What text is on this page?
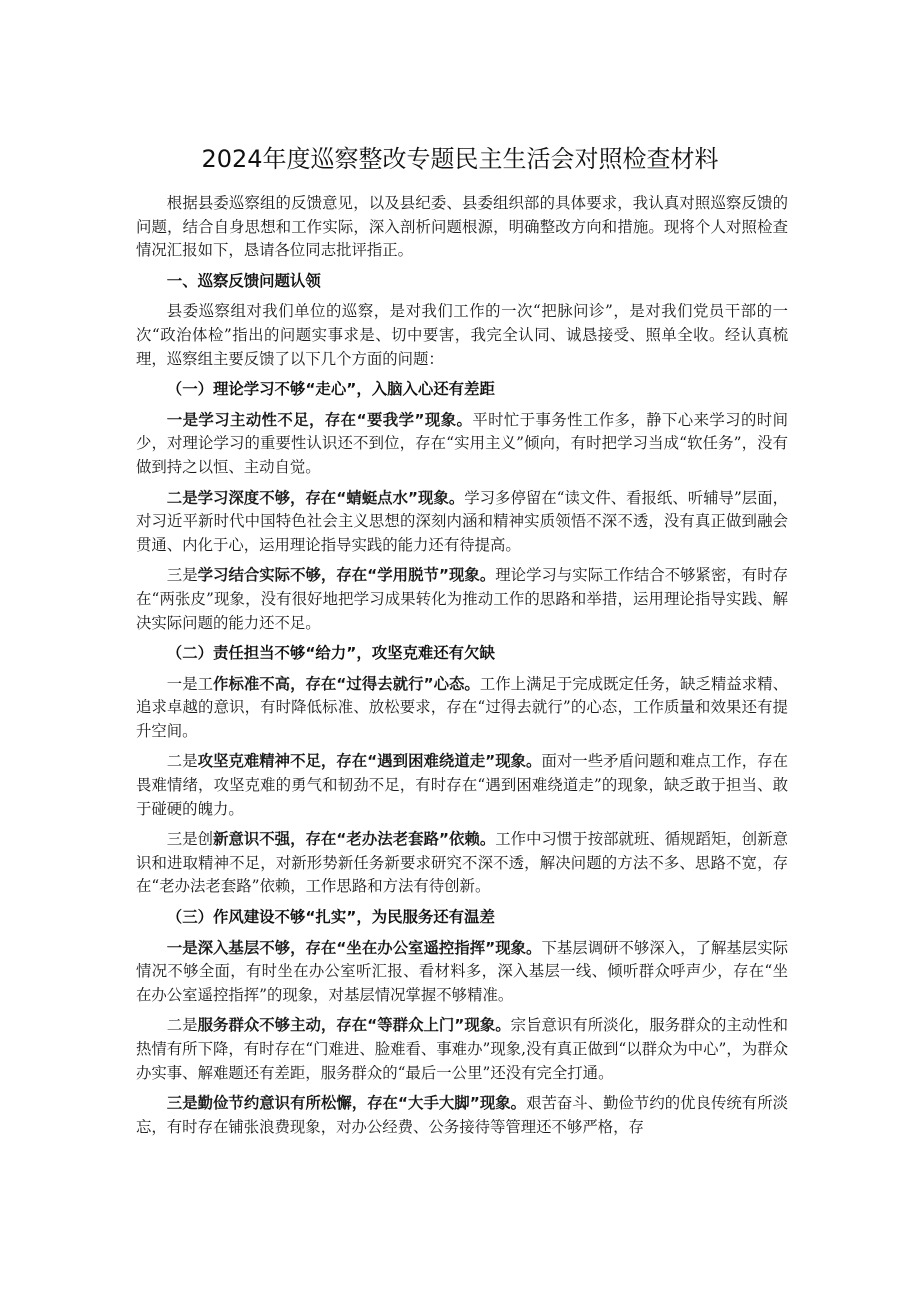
2024年度巡察整改专题民主生活会对照检查材料

根据县委巡察组的反馈意见，以及县纪委、县委组织部的具体要求，我认真对照巡察反馈的问题，结合自身思想和工作实际，深入剖析问题根源，明确整改方向和措施。现将个人对照检查情况汇报如下，恳请各位同志批评指正。

一、巡察反馈问题认领

县委巡察组对我们单位的巡察，是对我们工作的一次“把脉问诊”，是对我们党员干部的一次“政治体检”指出的问题实事求是、切中要害，我完全认同、诚恳接受、照单全收。经认真梳理，巡察组主要反馈了以下几个方面的问题：

（一）理论学习不够“走心”，入脑入心还有差距

一是学习主动性不足，存在“要我学”现象。平时忙于事务性工作多，静下心来学习的时间少，对理论学习的重要性认识还不到位，存在“实用主义”倾向，有时把学习当成“软任务”，没有做到持之以恒、主动自觉。

二是学习深度不够，存在“蜻蜓点水”现象。学习多停留在“读文件、看报纸、听辅导”层面，对习近平新时代中国特色社会主义思想的深刻内涵和精神实质领悟不深不透，没有真正做到融会贯通、内化于心，运用理论指导实践的能力还有待提高。

三是学习结合实际不够，存在“学用脱节”现象。理论学习与实际工作结合不够紧密，有时存在“两张皮”现象，没有很好地把学习成果转化为推动工作的思路和举措，运用理论指导实践、解决实际问题的能力还不足。

（二）责任担当不够“给力”，攻坚克难还有欠缺

一是工作标准不高，存在“过得去就行”心态。工作上满足于完成既定任务，缺乏精益求精、追求卓越的意识，有时降低标准、放松要求，存在“过得去就行”的心态，工作质量和效果还有提升空间。

二是攻坚克难精神不足，存在“遇到困难绕道走”现象。面对一些矛盾问题和难点工作，存在畏难情绪，攻坚克难的勇气和韧劲不足，有时存在“遇到困难绕道走”的现象，缺乏敢于担当、敢于碰硬的魄力。

三是创新意识不强，存在“老办法老套路”依赖。工作中习惯于按部就班、循规蹈矩，创新意识和进取精神不足，对新形势新任务新要求研究不深不透，解决问题的方法不多、思路不宽，存在“老办法老套路”依赖，工作思路和方法有待创新。

（三）作风建设不够“扎实”，为民服务还有温差

一是深入基层不够，存在“坐在办公室遥控指挥”现象。下基层调研不够深入，了解基层实际情况不够全面，有时坐在办公室听汇报、看材料多，深入基层一线、倾听群众呼声少，存在“坐在办公室遥控指挥”的现象，对基层情况掌握不够精准。

二是服务群众不够主动，存在“等群众上门”现象。宗旨意识有所淡化，服务群众的主动性和热情有所下降，有时存在“门难进、脸难看、事难办”现象,没有真正做到“以群众为中心”，为群众办实事、解难题还有差距，服务群众的“最后一公里”还没有完全打通。

三是勤俭节约意识有所松懈，存在“大手大脚”现象。艰苦奋斗、勤俭节约的优良传统有所淡忘，有时存在铺张浪费现象，对办公经费、公务接待等管理还不够严格，存
